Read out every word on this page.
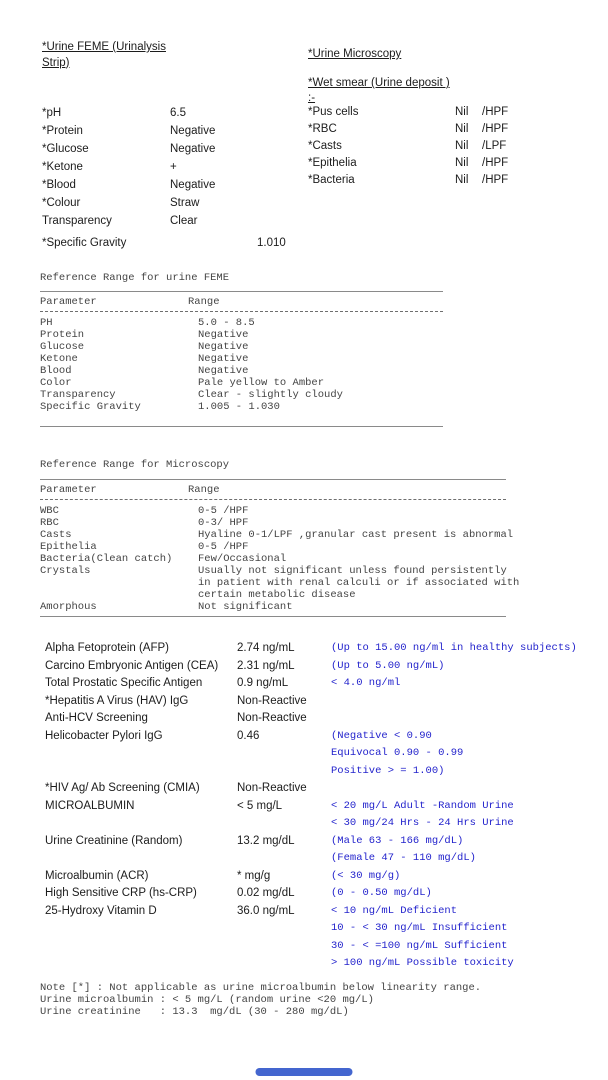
*Urine FEME (Urinalysis Strip)
*pH	6.5
*Protein	Negative
*Glucose	Negative
*Ketone	+
*Blood	Negative
*Colour	Straw
Transparency	Clear
*Specific Gravity	1.010
*Urine Microscopy
*Wet smear (Urine deposit )
:-
*Pus cells	Nil	/HPF
*RBC	Nil	/HPF
*Casts	Nil	/LPF
*Epithelia	Nil	/HPF
*Bacteria	Nil	/HPF
Reference Range for urine FEME
Parameter	Range
PH	5.0 - 8.5
Protein	Negative
Glucose	Negative
Ketone	Negative
Blood	Negative
Color	Pale yellow to Amber
Transparency	Clear - slightly cloudy
Specific Gravity	1.005 - 1.030
Reference Range for Microscopy
Parameter	Range
WBC	0-5 /HPF
RBC	0-3/ HPF
Casts	Hyaline 0-1/LPF ,granular cast present is abnormal
Epithelia	0-5 /HPF
Bacteria(Clean catch) Few/Occasional
Crystals	Usually not significant unless found persistently
in patient with renal calculi or if associated with
certain metabolic disease
Amorphous	Not significant
Alpha Fetoprotein (AFP)	2.74 ng/mL	(Up to 15.00 ng/ml in healthy subjects)
Carcino Embryonic Antigen (CEA) 2.31 ng/mL	(Up to 5.00 ng/mL)
Total Prostatic Specific Antigen	0.9 ng/mL	< 4.0 ng/ml
*Hepatitis A Virus (HAV) IgG	Non-Reactive
Anti-HCV Screening	Non-Reactive
Helicobacter Pylori IgG	0.46	(Negative < 0.90
Equivocal 0.90 - 0.99
Positive > = 1.00)
*HIV Ag/ Ab Screening (CMIA)	Non-Reactive
MICROALBUMIN	< 5 mg/L	< 20 mg/L Adult -Random Urine
< 30 mg/24 Hrs - 24 Hrs Urine
Urine Creatinine (Random)	13.2 mg/dL	(Male 63 - 166 mg/dL)
(Female 47 - 110 mg/dL)
Microalbumin (ACR)	* mg/g	(< 30 mg/g)
High Sensitive CRP (hs-CRP)	0.02 mg/dL	(0 - 0.50 mg/dL)
25-Hydroxy Vitamin D	36.0 ng/mL	< 10 ng/mL Deficient
10 - < 30 ng/mL Insufficient
30 - < =100 ng/mL Sufficient
> 100 ng/mL Possible toxicity
Note [*] : Not applicable as urine microalbumin below linearity range.
Urine microalbumin : < 5 mg/L (random urine <20 mg/L)
Urine creatinine   : 13.3  mg/dL (30 - 280 mg/dL)
